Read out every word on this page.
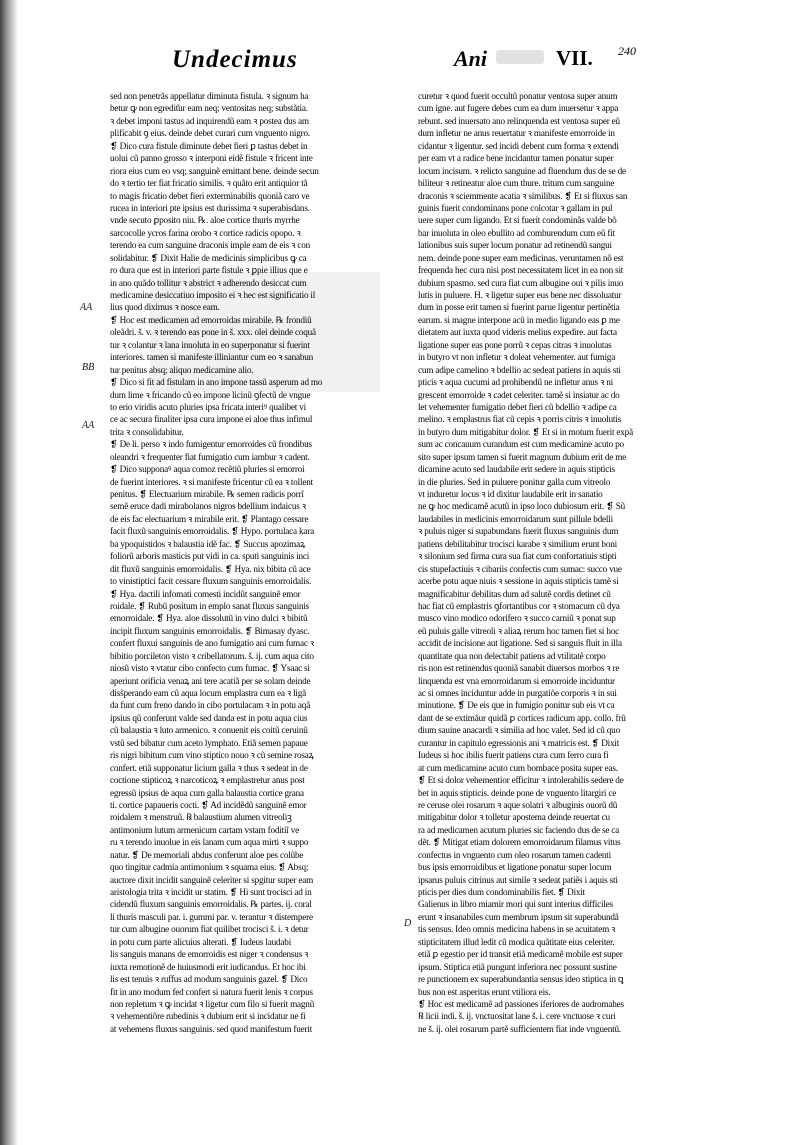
Undecimus	Ani	VII. 240
AA
BB
AA
D
sed non penetrãs appellatur diminuta fistula. ꝛ signum ha
betur ꝙ non egredit͂ur eam neq; ventositas neq; substãtia.
ꝛ debet imponi tastus ad inquirendũ eam ꝛ postea dus am
plificabit ꝯ eius. deinde debet curari cum vnguento nigro.
❡ Dico cura fistule diminute debet fieri ꝑ tastus debet in
uolui cũ panno grosso ꝛ interponi eidẽ fistule ꝛ fricent inte
riora eius cum eo vsq; sanguinẽ emittant bene. deinde secun
do ꝛ tertio ter fiat fricatio similis. ꝛ quãto erit antiquior tã
to magis fricatio debet fieri exterminabilis quoniã caro ve
rucea in interiori pte ipsius est durissima ꝛ superabisdans.
vnde secuto ꝑposito niu. ℞. aloe cortice thuris myrrhe
sarcocolle ycros farina orobo ꝛ cortice radicis opopo. ꝛ
terendo ea cum sanguine draconis imple eam de eis ꝛ con
solidabitur. ❡ Dixit Halie de medicinis simplicibus ꝙ ca
ro dura que est in interiori parte fistule ꝛ ꝑpie illius que e
in ano quãdo tollitur ꝛ abstrict ꝛ adherendo desiccat cum
medicamine desiccatiuo imposito ei ꝛ hec est significatio il
lius quod diximus ꝛ nosce eam.
❡ Hoc est medicamen ad emorroidas mirabile. ℞ frondiũ
oleãdri. š. v. ꝛ terendo eas pone in š. xxx. olei deinde coquã
tur ꝛ colantur ꝛ lana inuoluta in eo superponatur si fuerint
interiores. tamen si manifeste illiniantur cum eo ꝛ sanabun
tur penitus absq; aliquo medicamine alio.
❡ Dico si fit ad fistulam in ano impone tassũ asperum ad mo
dum lime ꝛ fricando cũ eo impone licinũ ꝯfectũ de vngue
to erio viridis acuto pluries ipsa fricata interiꝰ qualibet vi
ce ac secura finaliter ipsa cura impone ei aloe thus infimul
trita ꝛ consolidabitur.
❡ De li. perso ꝛ indo fumigentur emorroides cũ frondibus
oleandri ꝛ frequenter fiat fumigatio cum iambur ꝛ cadent.
❡ Dico supponaꝰ aqua comoz recẽtiũ pluries si emorroi
de fuerint interiores. ꝛ si manifeste fricentur cũ ea ꝛ tollent
penitus. ❡ Electuarium mirabile. ℞ semen radicis porrĩ
semẽ eruce dadi mirabolanos nigros bdellium indaicus ꝛ
de eis fac electuarium ꝛ mirabile erit. ❡ Plantago cessare
facit fluxũ sanguinis emorroidalis. ❡ Hypo. portulaca kara
ba ypoquistidos ꝛ balaustia idẽ fac. ❡ Succus apozimaꝝ
foliorũ arboris masticis put vidi in ca. sputi sanguinis inci
dit fluxũ sanguinis emorroidalis. ❡ Hya. nix bibita cũ ace
to vinistiptici facit cessare fluxum sanguinis emorroidalis.
❡ Hya. dactili infomati comesti incidũt sanguinẽ emor
roidale. ❡ Rubũ positum in emplo sanat fluxus sanguinis
emorroidale. ❡ Hya. aloe dissolutũ in vino dulci ꝛ bibitũ
incipit fluxum sanguinis emorroidalis. ❡ Bimasay dyasc.
confert fluxui sanguinis de ano fumigatio ani cum fumac ꝛ
bibitio porcileton visto ꝛ cribellatorum. š. ij. cum aqua cito
niosũ visto ꝛ vtatur cibo confecto cum fumac. ❡ Ysaac si
aperiunt orificia venaꝝ ani tere acatiã per se solam deinde
diss̃perando eam cũ aqua locum emplastra cum ea ꝛ ligã
da funt cum freno dando in cibo portulacam ꝛ in potu aqã
ipsius qũ conferunt valde sed danda est in potu aqua cius
cũ balaustia ꝛ luto armenico. ꝛ conuenit eis coitũ ceruinũ
vstũ sed bibatur cum aceto lymphato. Etiã semen papaue
ris nigri bibitum cum vino stiptico nouo ꝛ cũ semine rosaꝝ
confert. etiã supponatur licium galla ꝛ thus ꝛ sedeat in de
coctione stipticoꝝ ꝛ narcoticoꝝ ꝛ emplastretur anus post
egressũ ipsius de aqua cum galla balaustia cortice grana
ti. cortice papaueris cocti. ❡ Ad incidẽdũ sanguinẽ emor
roidalem ꝛ menstruũ. ℞ balaustium alumen vitreoliꝫ
antimonium lutum armenicum cartam vstam foditiĩ ve
ru ꝛ terendo inuolue in eis lanam cum aqua mirti ꝛ suppo
natur. ❡ De memoriali abdus conferunt aloe pes colũbe
quo tingitur cadmia antimonium ꝛ squama eius. ❡ Absq;
auctore dixit incidit sanguinẽ celeriter si spgitur super eam
aristologia trita ꝛ incidit ur statim. ❡ Hi sunt trocisci ad in
cidendũ fluxum sanguinis emorroidalis. ℞ partes. ij. coral
li thuris masculi par. i. gummi par. v. terantur ꝛ distempere
tur cum albugine ouorum fiat quilibet trocisci š. i. ꝛ detur
in potu cum parte alicuius alterati. ❡ Iudeus laudabi
lis sanguis manans de emorroidis est niger ꝛ condensus ꝛ
iuxta remotionẽ de huiusmodi erit iudicandus. Et hoc ibi
lis est tenuis ꝛ ruffus ad modum sanguinis gazel. ❡ Dico
fit in ano modum fed confert si natura fuerit lenis ꝛ corpus
non repletum ꝛ ꝙ incidat ꝛ ligetur cum filo si fuerit magnũ
ꝛ vehementiõre rubedinis ꝛ dubium erit si incidatur ne fi
at vehemens fluxus sanguinis. sed quod manifestum fuerit
curetur ꝛ quod fuerit occultũ ponatur ventosa super anum
cum igne. aut fugere debes cum ea dum inuersetur ꝛ appa
rebunt. sed inuersato ano relinquenda est ventosa super eũ
dum infletur ne anus reuertatur ꝛ manifeste emorroide in
cidantur ꝛ ligentur. sed incidi debent cum forma ꝛ extendi
per eam vt a radice bene incidantur tamen ponatur super
locum incisum. ꝛ relicto sanguine ad fluendum dus de se de
biliteur ꝛ retineatur aloe cum thure. tritum cum sanguine
draconis ꝛ sciemmente acatia ꝛ similibus. ❡ Et si fluxus san
guinis fuerit condominans pone colcotar ꝛ gallam in pul
uere super cum ligando. Et si fuerit condominãs valde bõ
bar inuoluta in oleo ebullito ad comburendum cum eũ fit
lationibus suis super locum ponatur ad retinendũ sangui
nem. deinde pone super eam medicinas. veruntamen nõ est
frequenda hec cura nisi post necessitatem licet in ea non sit
dubium spasmo. sed cura fiat cum albugine oui ꝛ pilis inuo
lutis in puluere. H. ꝛ ligetur super eus bene nec dissoluatur
dum in posse erit tamen si fuerint parue ligentur pertinẽtia
earum. si magne interpone acũ in medio ligando eas ꝑ me
dietatem aut iuxta quod videris melius expedire. aut facta
ligatione super eas pone porrũ ꝛ cepas citras ꝛ inuolutas
in butyro vt non infletur ꝛ doleat vehementer. aut fumiga
cum adipe camelino ꝛ bdellio ac sedeat patiens in aquis sti
pticis ꝛ aqua cucumi ad prohibendũ ne infletur anus ꝛ ni
grescent emorroide ꝛ cadet celeriter. tamẽ si insiatur ac do
let vehementer fumigatio debet fieri cũ bdellio ꝛ adipe ca
melino. ꝛ emplastrus fiat cũ cepis ꝛ porris citris ꝛ inuolutis
in butyro dum mitigabitur dolor. ❡ Et si in motum fuerit expã
sum ac concauum curandum est cum medicamine acuto po
sito super ipsum tamen si fuerit magnum dubium erit de me
dicamine acuto sed laudabile erit sedere in aquis stipticis
in die pluries. Sed in puluere ponitur galla cum vitreolo
vt induretur locus ꝛ id dixitur laudabile erit in sanatio
ne ꝙ hoc medicamẽ acutũ in ipso loco dubiosum erit. ❡ Sũ
laudabiles in medicinis emorroidarum sunt pillule bdelli
ꝛ puluis niger si supabundans fuerit fluxus sanguinis dum
patiens debilitabitur trocisci karabe ꝛ similium erunt boni
ꝛ silonium sed firma cura sua fiat cum confortatiuis stipti
cis stupefactiuis ꝛ cibariis confectis cum sumac: succo vue
acerbe potu aque niuis ꝛ sessione in aquis stipticis tamẽ si
magnificabitur debilitas dum ad salutẽ cordis detinet cũ
hac fiat cũ emplastris ꝯfortantibus cor ꝛ stomacum cũ dya
musco vino modico odorifero ꝛ succo carniũ ꝛ ponat sup
eũ puluis galle vitreoli ꝛ aliaꝝ rerum hoc tamen fiet si hoc
accidit de incisione aut ligatione. Sed si sanguis fluit in illa
quantitate qua non delectabit patiens ad vtilitatẽ corpo
ris non est retinendus quoniã sanabit diuersos morbos ꝛ re
linquenda est vna emorroidarum si emorroide inciduntur
ac si omnes inciduntur adde in purgatiõe corporis ꝛ in sui
minutione. ❡ De eis que in fumigio ponitur sub eis vt ca
dant de se extimãur quidã ꝑ cortices radicum app. collo. frũ
dium sauine anacardi ꝛ similia ad hoc valet. Sed id cũ quo
curantur in capitulo egressionis ani ꝛ matricis est. ❡ Dixit
Iudeus si hoc ibilis fuerit patiens cura cum ferro cura fi
at cum medicamine acuto cum bombace posita super eas.
❡ Et si dolor vehementior efficitur ꝛ intolerabilis sedere de
bet in aquis stipticis. deinde pone de vnguento litargiri ce
re ceruse olei rosarum ꝛ aque solatri ꝛ albuginis ouorũ dũ
mitigabitur dolor ꝛ tolletur apostema deinde reuertat cu
ra ad medicamen acutum pluries sic faciendo dus de se ca
dẽt. ❡ Mitigat etiam dolorem emorroidarum filamus vitus
confectus in vnguento cum oleo rosarum tamen cadenti
bus ipsis emorroidibus et ligatione ponatur super locum
ipsarus puluis citrinus aut simile ꝛ sedeat patiẽs i aquis sti
pticis per dies dum condominabilis fiet. ❡ Dixit
Galienus in libro miamir mori qui sunt interius difficiles
erunt ꝛ insanabiles cum membrum ipsum sit superabundã
tis sensus. Ideo omnis medicina habens in se acuitatem ꝛ
stipticitatem illud ledit cũ modica quãtitate eius celeriter.
etiã ꝑ egestio per id transit etiã medicamẽ mobile est super
ipsum. Stiptica etiã pungunt inferiora nec possunt sustine
re punctionem ex superabundantia sensus ideo stiptica in ꝗ
bus non est asperitas erunt vtiliora eis.
❡ Hoc est medicamẽ ad passiones iferiores de audromahes
℞ licii indi. š. ij. vnctuositat lane š. i. cere vnctuose ꝛ curi
ne š. ij. olei rosarum partẽ sufficientem fiat inde vnguentũ.
